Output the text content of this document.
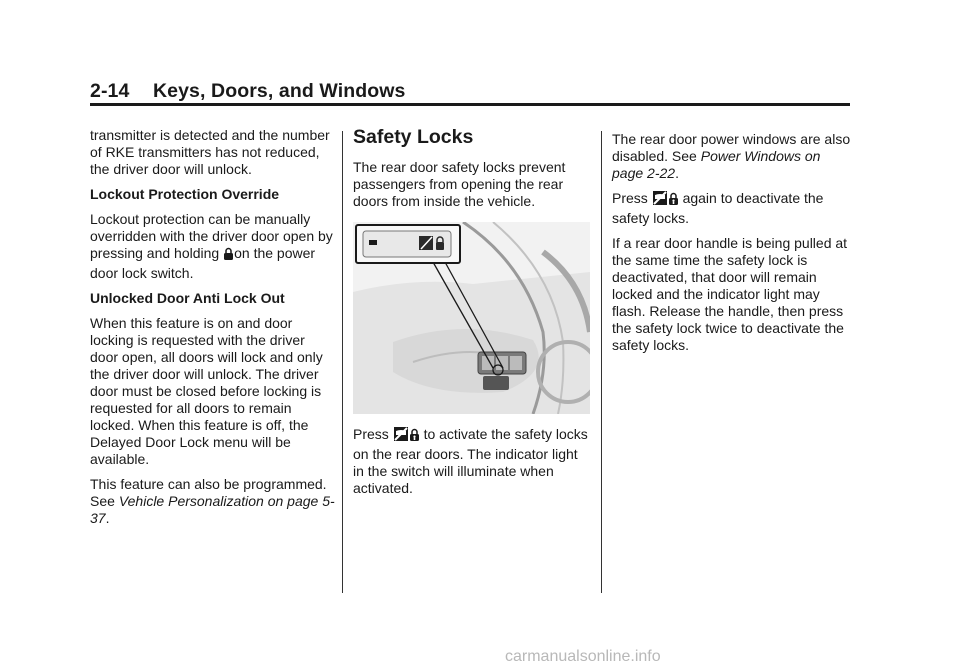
2-14 Keys, Doors, and Windows

transmitter is detected and the number of RKE transmitters has not reduced, the driver door will unlock.

Lockout Protection Override

Lockout protection can be manually overridden with the driver door open by pressing and holding on the power door lock switch.

Unlocked Door Anti Lock Out

When this feature is on and door locking is requested with the driver door open, all doors will lock and only the driver door will unlock. The driver door must be closed before locking is requested for all doors to remain locked. When this feature is off, the Delayed Door Lock menu will be available.

This feature can also be programmed. See Vehicle Personalization on page 5-37.

Safety Locks

The rear door safety locks prevent passengers from opening the rear doors from inside the vehicle.

Press to activate the safety locks on the rear doors. The indicator light in the switch will illuminate when activated.

The rear door power windows are also disabled. See Power Windows on page 2-22.

Press again to deactivate the safety locks.

If a rear door handle is being pulled at the same time the safety lock is deactivated, that door will remain locked and the indicator light may flash. Release the handle, then press the safety lock twice to deactivate the safety locks.

carmanualsonline.info
